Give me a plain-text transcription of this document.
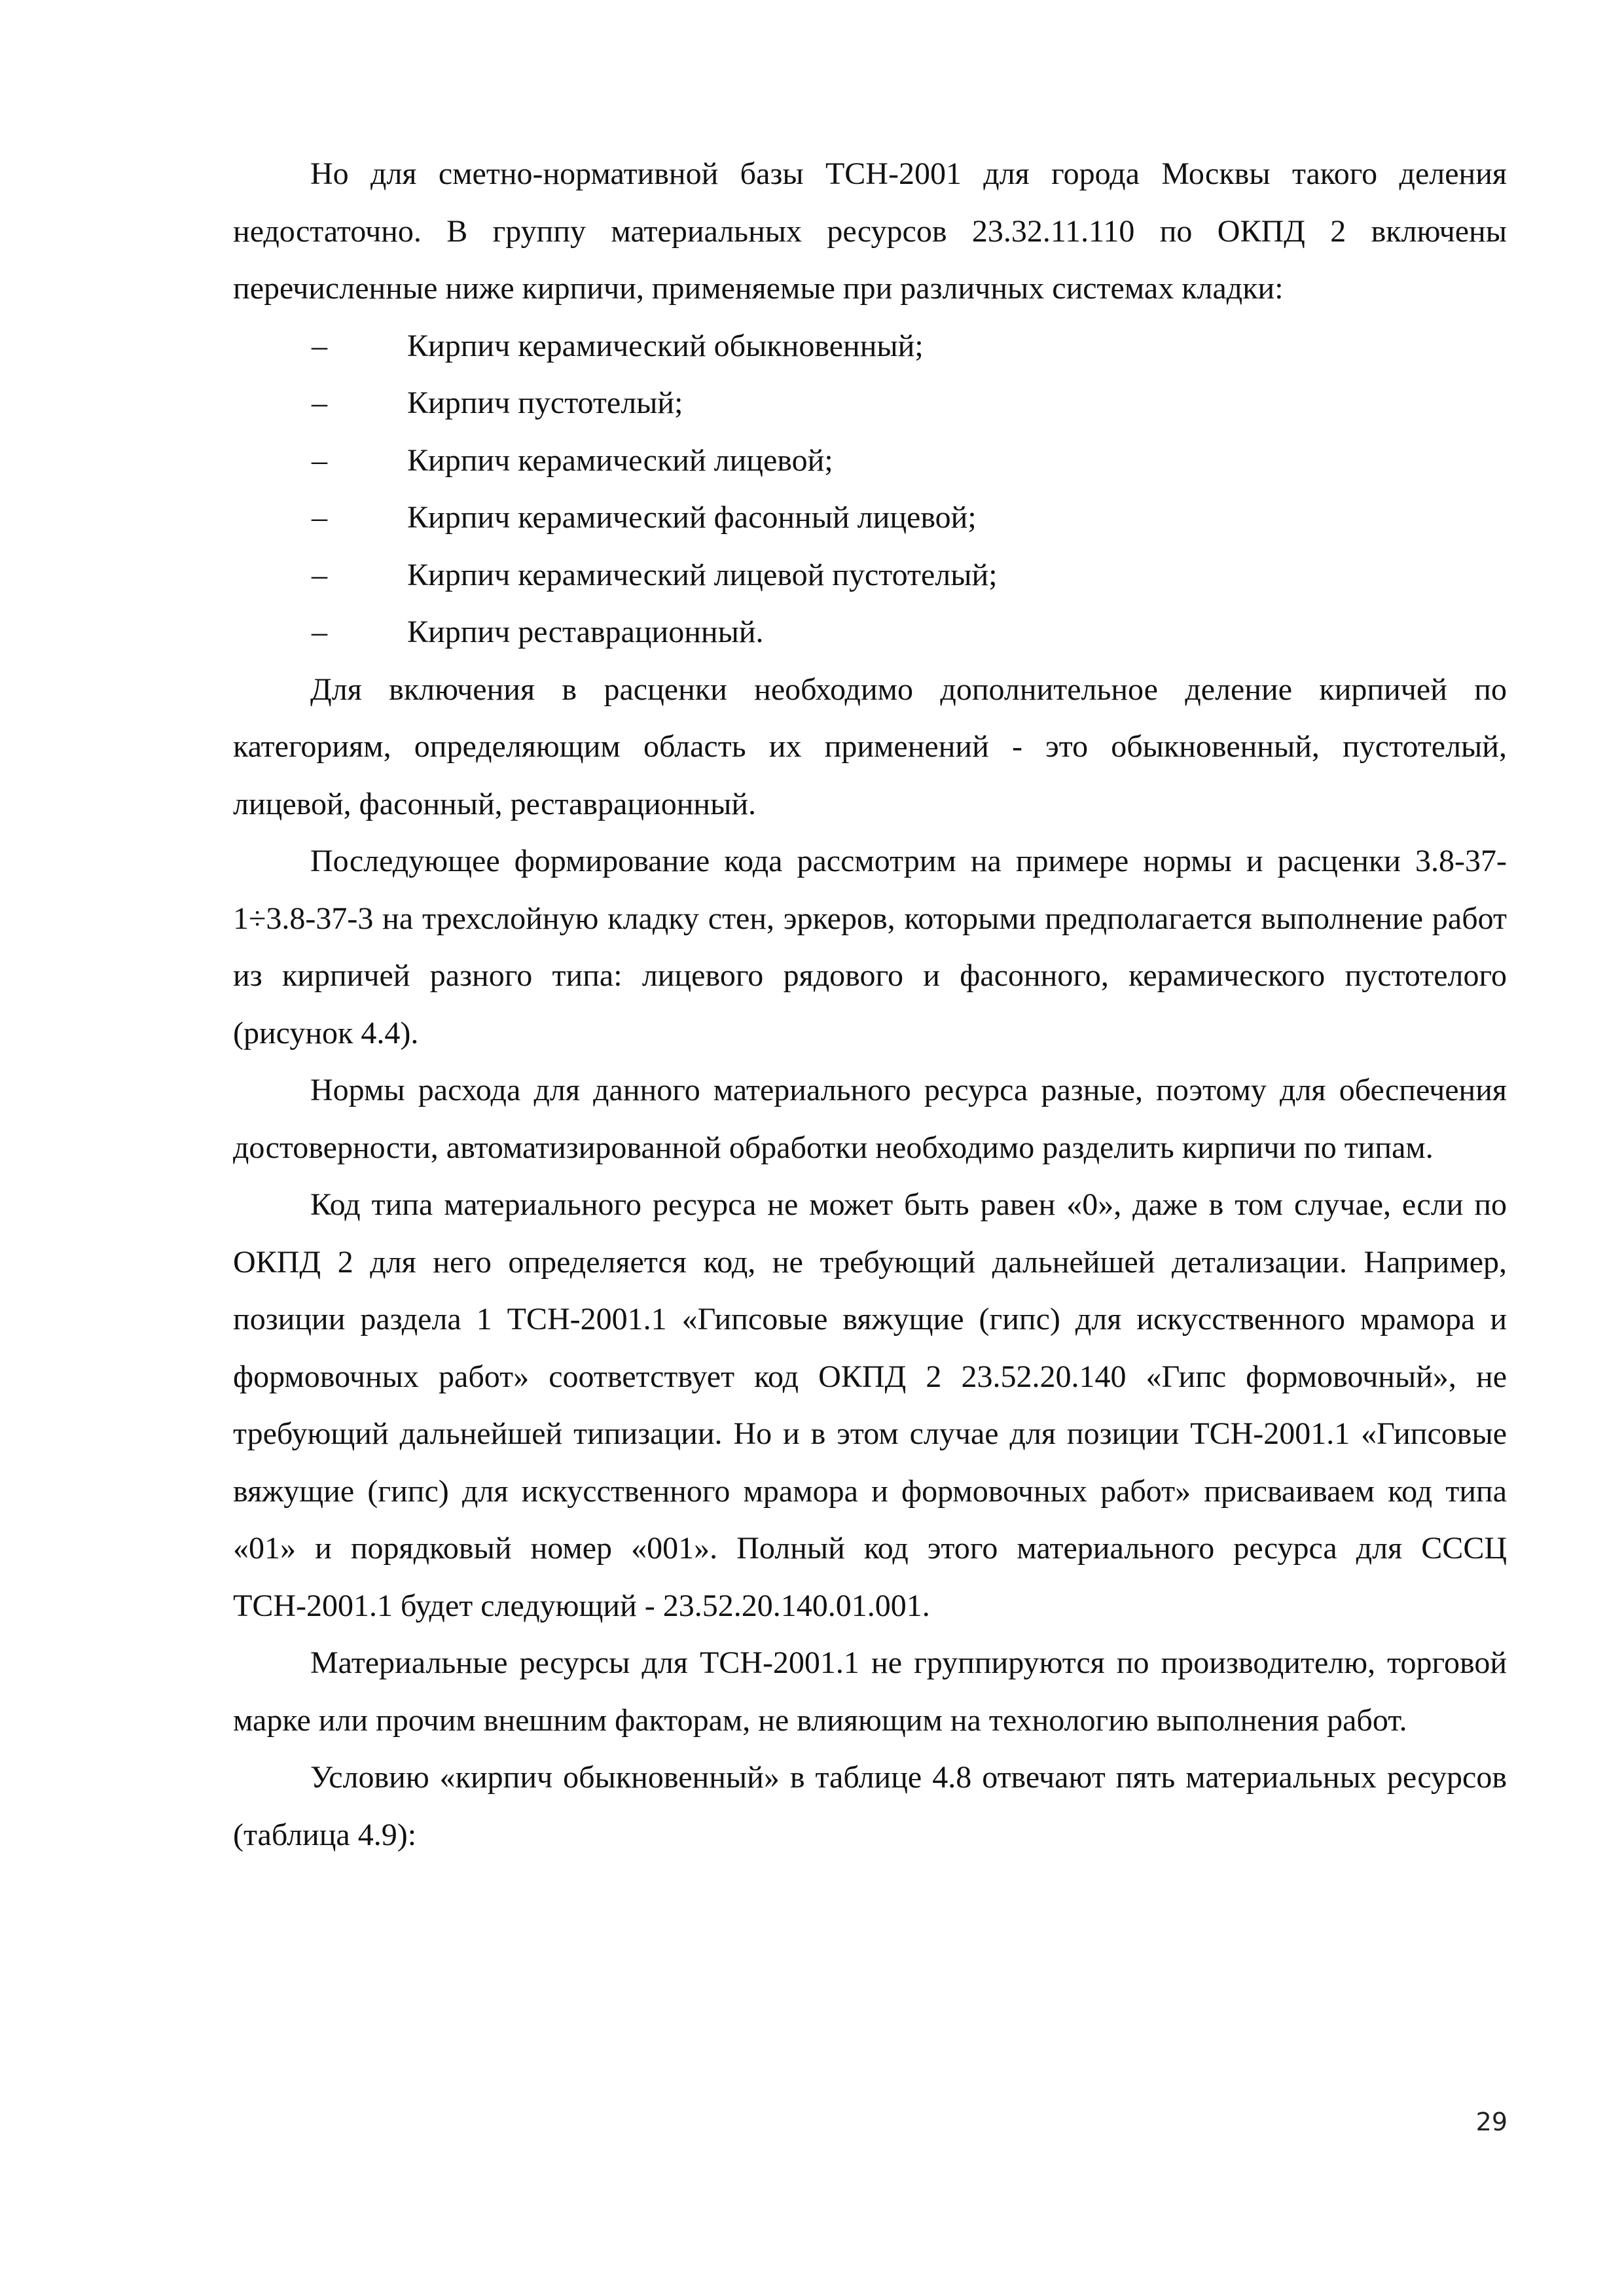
Но для сметно-нормативной базы ТСН-2001 для города Москвы такого деления недостаточно. В группу материальных ресурсов 23.32.11.110 по ОКПД 2 включены перечисленные ниже кирпичи, применяемые при различных системах кладки:

–	Кирпич керамический обыкновенный;
–	Кирпич пустотелый;
–	Кирпич керамический лицевой;
–	Кирпич керамический фасонный лицевой;
–	Кирпич керамический лицевой пустотелый;
–	Кирпич реставрационный.

Для включения в расценки необходимо дополнительное деление кирпичей по категориям, определяющим область их применений - это обыкновенный, пустотелый, лицевой, фасонный, реставрационный.

Последующее формирование кода рассмотрим на примере нормы и расценки 3.8-37-1÷3.8-37-3 на трехслойную кладку стен, эркеров, которыми предполагается выполнение работ из кирпичей разного типа: лицевого рядового и фасонного, керамического пустотелого (рисунок 4.4).

Нормы расхода для данного материального ресурса разные, поэтому для обеспечения достоверности, автоматизированной обработки необходимо разделить кирпичи по типам.

Код типа материального ресурса не может быть равен «0», даже в том случае, если по ОКПД 2 для него определяется код, не требующий дальнейшей детализации. Например, позиции раздела 1 ТСН-2001.1 «Гипсовые вяжущие (гипс) для искусственного мрамора и формовочных работ» соответствует код ОКПД 2 23.52.20.140 «Гипс формовочный», не требующий дальнейшей типизации. Но и в этом случае для позиции ТСН-2001.1 «Гипсовые вяжущие (гипс) для искусственного мрамора и формовочных работ» присваиваем код типа «01» и порядковый номер «001». Полный код этого материального ресурса для СССЦ ТСН-2001.1 будет следующий - 23.52.20.140.01.001.

Материальные ресурсы для ТСН-2001.1 не группируются по производителю, торговой марке или прочим внешним факторам, не влияющим на технологию выполнения работ.

Условию «кирпич обыкновенный» в таблице 4.8 отвечают пять материальных ресурсов (таблица 4.9):

29
